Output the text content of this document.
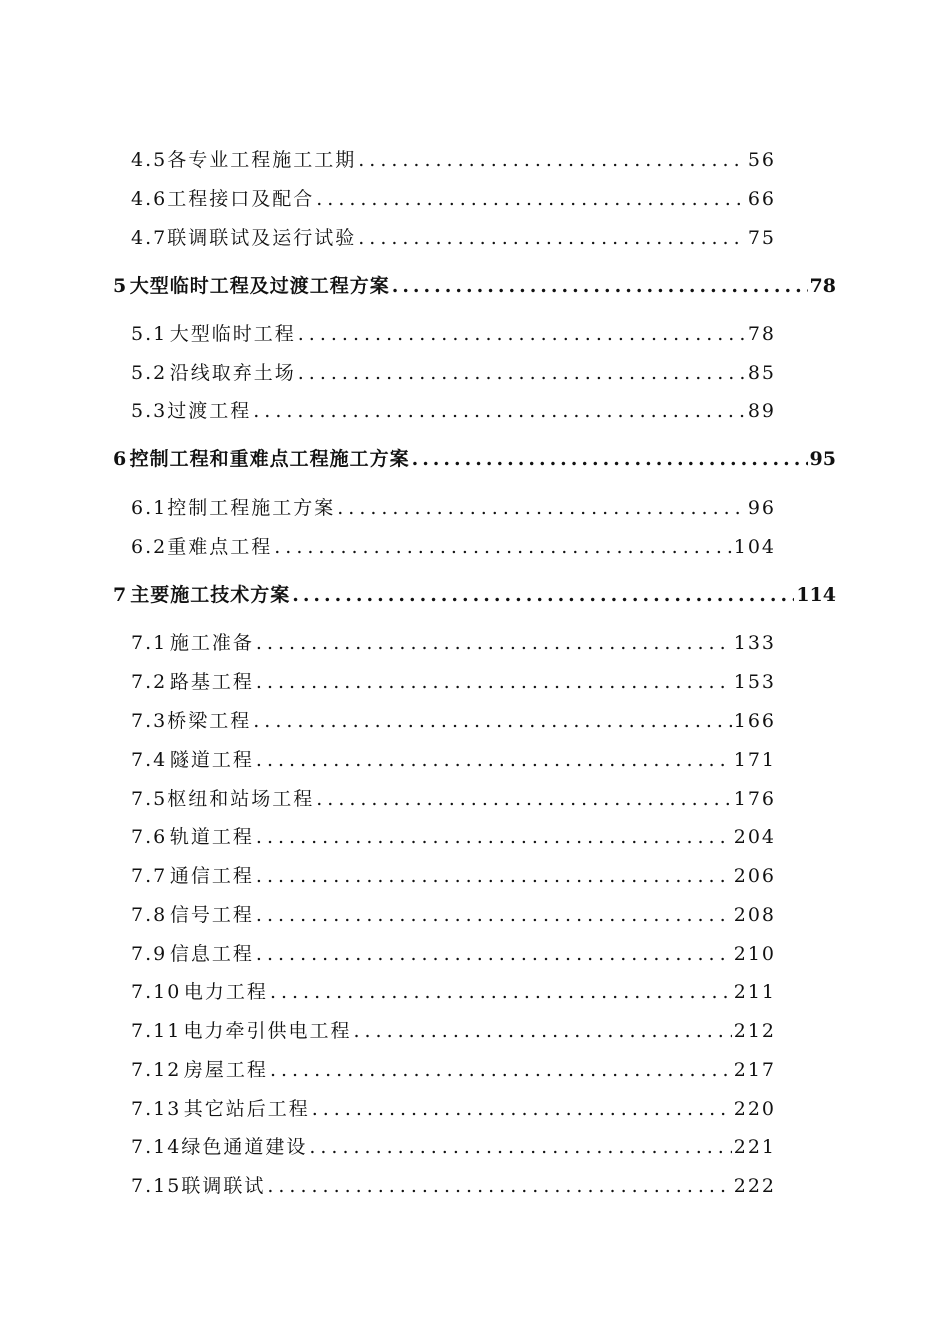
4.5 各专业工程施工工期 .....	56
4.6 工程接口及配合 .....	66
4.7 联调联试及运行试验 .....	75
5 大型临时工程及过渡工程方案 .....	78
5.1 大型临时工程 .....	78
5.2 沿线取弃土场 .....	85
5.3 过渡工程 .....	89
6 控制工程和重难点工程施工方案 .....	95
6.1 控制工程施工方案 .....	96
6.2 重难点工程 .....	104
7 主要施工技术方案 .....	114
7.1 施工准备 .....	133
7.2 路基工程 .....	153
7.3 桥梁工程 .....	166
7.4 隧道工程 .....	171
7.5 枢纽和站场工程 .....	176
7.6 轨道工程 .....	204
7.7 通信工程 .....	206
7.8 信号工程 .....	208
7.9 信息工程 .....	210
7.10 电力工程 .....	211
7.11 电力牵引供电工程 .....	212
7.12 房屋工程 .....	217
7.13 其它站后工程 .....	220
7.14 绿色通道建设 .....	221
7.15 联调联试 .....	222
